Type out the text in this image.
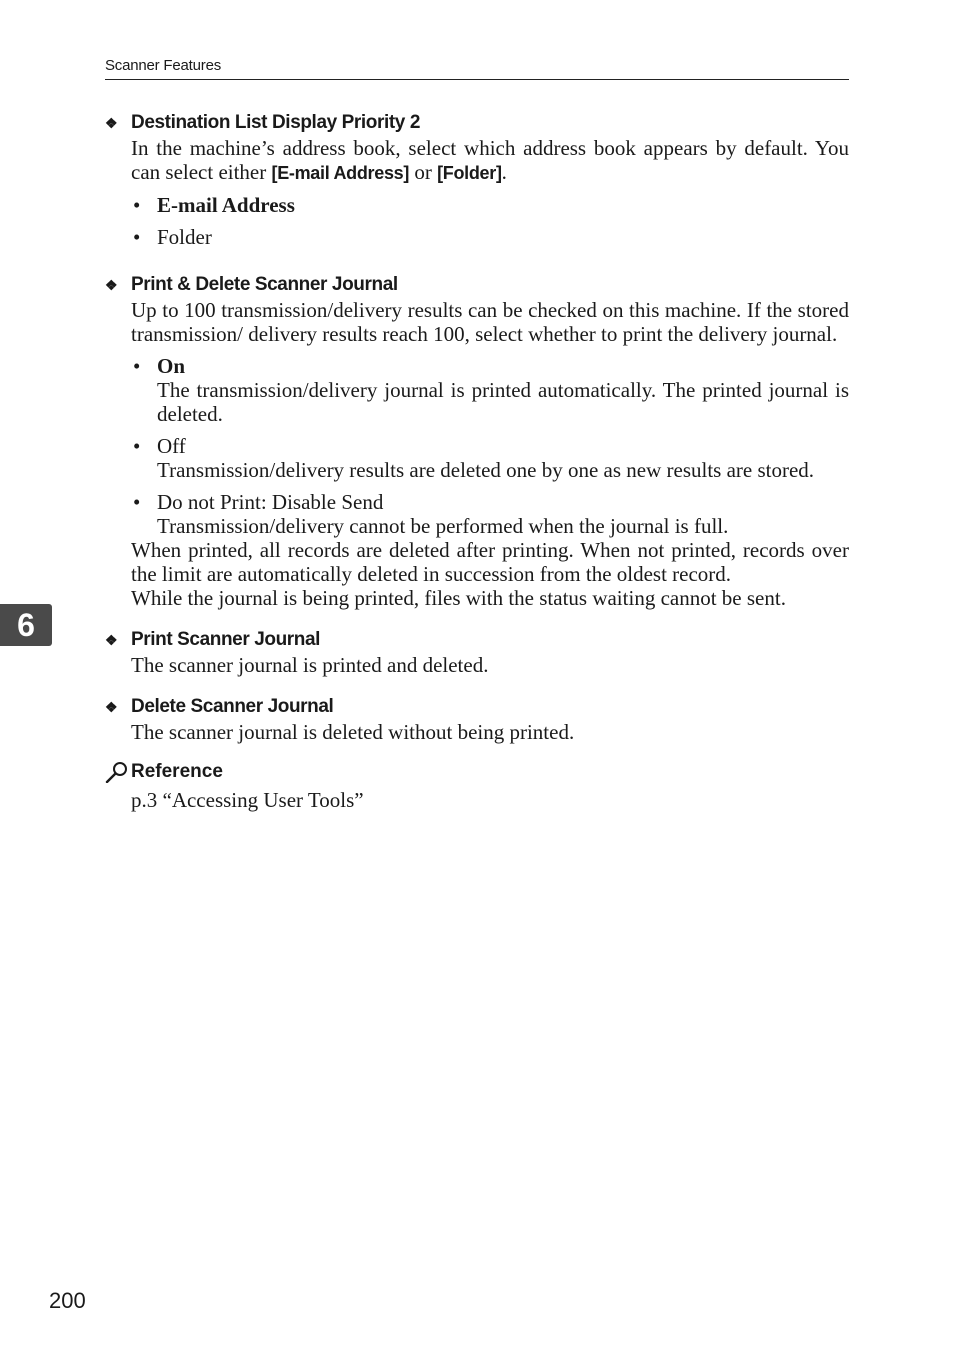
Scanner Features
6
❖ Destination List Display Priority 2
In the machine’s address book, select which address book appears by default. You can select either [E-mail Address] or [Folder].
• E-mail Address
• Folder
❖ Print & Delete Scanner Journal
Up to 100 transmission/delivery results can be checked on this machine. If the stored transmission/ delivery results reach 100, select whether to print the delivery journal.
• On
The transmission/delivery journal is printed automatically. The printed journal is deleted.
• Off
Transmission/delivery results are deleted one by one as new results are stored.
• Do not Print: Disable Send
Transmission/delivery cannot be performed when the journal is full.
When printed, all records are deleted after printing. When not printed, records over the limit are automatically deleted in succession from the oldest record.
While the journal is being printed, files with the status waiting cannot be sent.
❖ Print Scanner Journal
The scanner journal is printed and deleted.
❖ Delete Scanner Journal
The scanner journal is deleted without being printed.
Reference
p.3 “Accessing User Tools”
200
